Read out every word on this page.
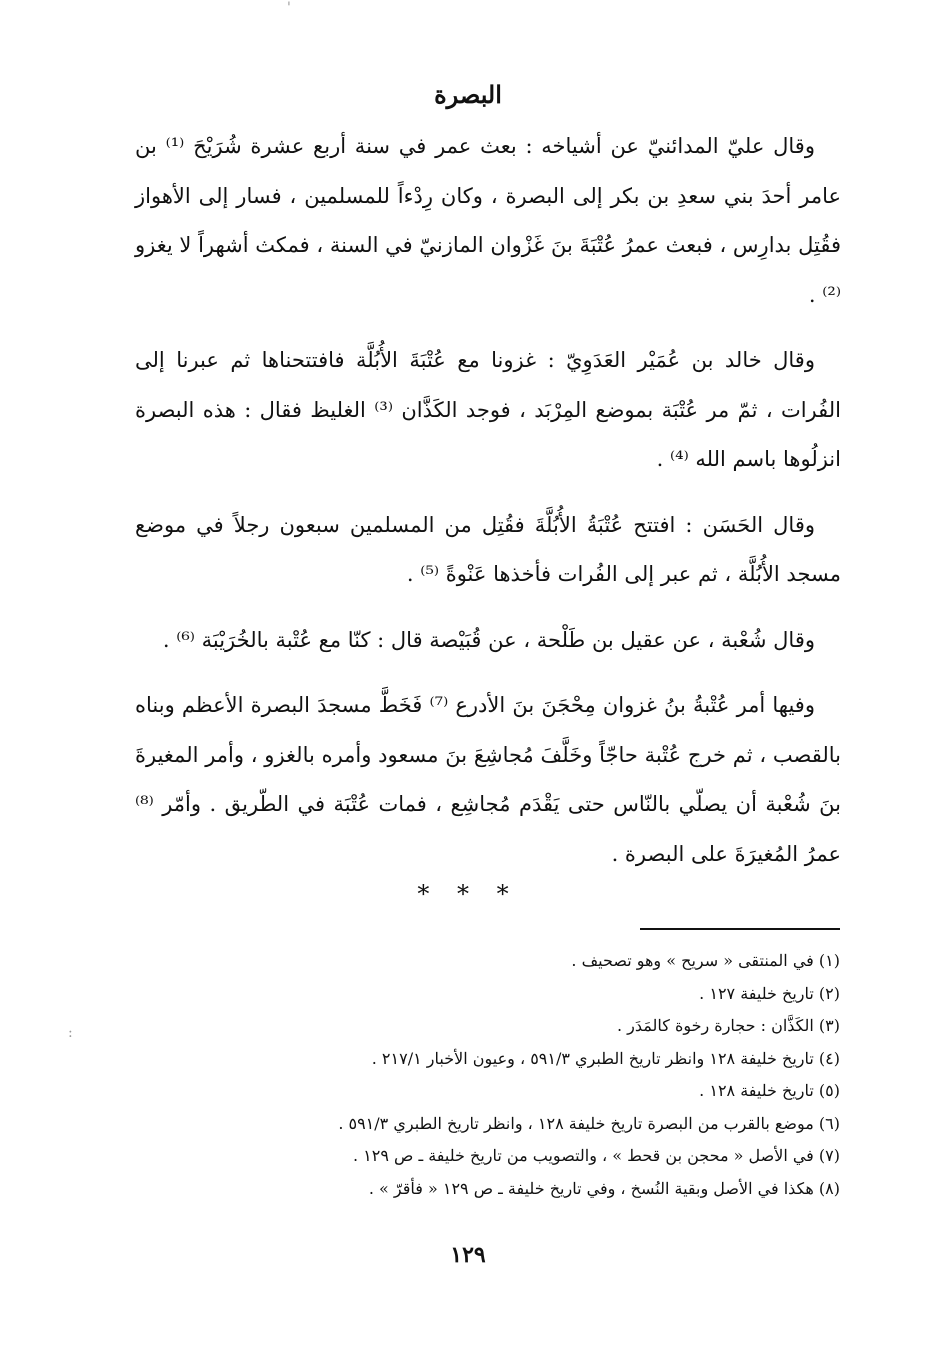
'
:
البصرة

وقال عليّ المدائنيّ عن أشياخه : بعث عمر في سنة أربع عشرة شُرَيْحَ ⁽¹⁾ بن عامر أحدَ بني سعدِ بن بكر إلى البصرة ، وكان رِدْءاً للمسلمين ، فسار إلى الأهواز فقُتِل بدارِس ، فبعث عمرُ عُتْبَةَ بنَ غَزْوان المازنيّ في السنة ، فمكث أشهراً لا يغزو ⁽²⁾ .

وقال خالد بن عُمَيْر العَدَوِيّ : غزونا مع عُتْبَةَ الأُبُلَّة فافتتحناها ثم عبرنا إلى الفُرات ، ثمّ مر عُتْبَة بموضع المِرْبَد ، فوجد الكَذَّان ⁽³⁾ الغليظ فقال : هذه البصرة انزلُوها باسم الله ⁽⁴⁾ .

وقال الحَسَن : افتتح عُتْبَةُ الأُبُلَّةَ فقُتِل من المسلمين سبعون رجلاً في موضع مسجد الأُبُلَّة ، ثم عبر إلى الفُرات فأخذها عَنْوةً ⁽⁵⁾ .

وقال شُعْبة ، عن عقيل بن طَلْحة ، عن قُبَيْصة قال : كنّا مع عُتْبة بالخُرَيْبَة ⁽⁶⁾ .

وفيها أمر عُتْبةُ بنُ غزوان مِحْجَنَ بنَ الأدرع ⁽⁷⁾ فَخَطَّ مسجدَ البصرة الأعظم وبناه بالقصب ، ثم خرج عُتْبة حاجّاً وخَلَّفَ مُجاشِعَ بنَ مسعود وأمره بالغزو ، وأمر المغيرةَ بنَ شُعْبة أن يصلّي بالنّاس حتى يَقْدَم مُجاشِع ، فمات عُتْبَة في الطّريق . وأمّر ⁽⁸⁾ عمرُ المُغيرَةَ على البصرة .

* * *

(١) في المنتقى « سريح » وهو تصحيف .

(٢) تاريخ خليفة ١٢٧ .

(٣) الكَذَّان : حجارة رخوة كالمَدَر .

(٤) تاريخ خليفة ١٢٨ وانظر تاريخ الطبري ٥٩١/٣ ، وعيون الأخبار ٢١٧/١ .

(٥) تاريخ خليفة ١٢٨ .

(٦) موضع بالقرب من البصرة تاريخ خليفة ١٢٨ ، وانظر تاريخ الطبري ٥٩١/٣ .

(٧) في الأصل « محجن بن قحط » ، والتصويب من تاريخ خليفة ـ ص ١٢٩ .

(٨) هكذا في الأصل وبقية النُسخ ، وفي تاريخ خليفة ـ ص ١٢٩ « فأقرّ » .

١٢٩
